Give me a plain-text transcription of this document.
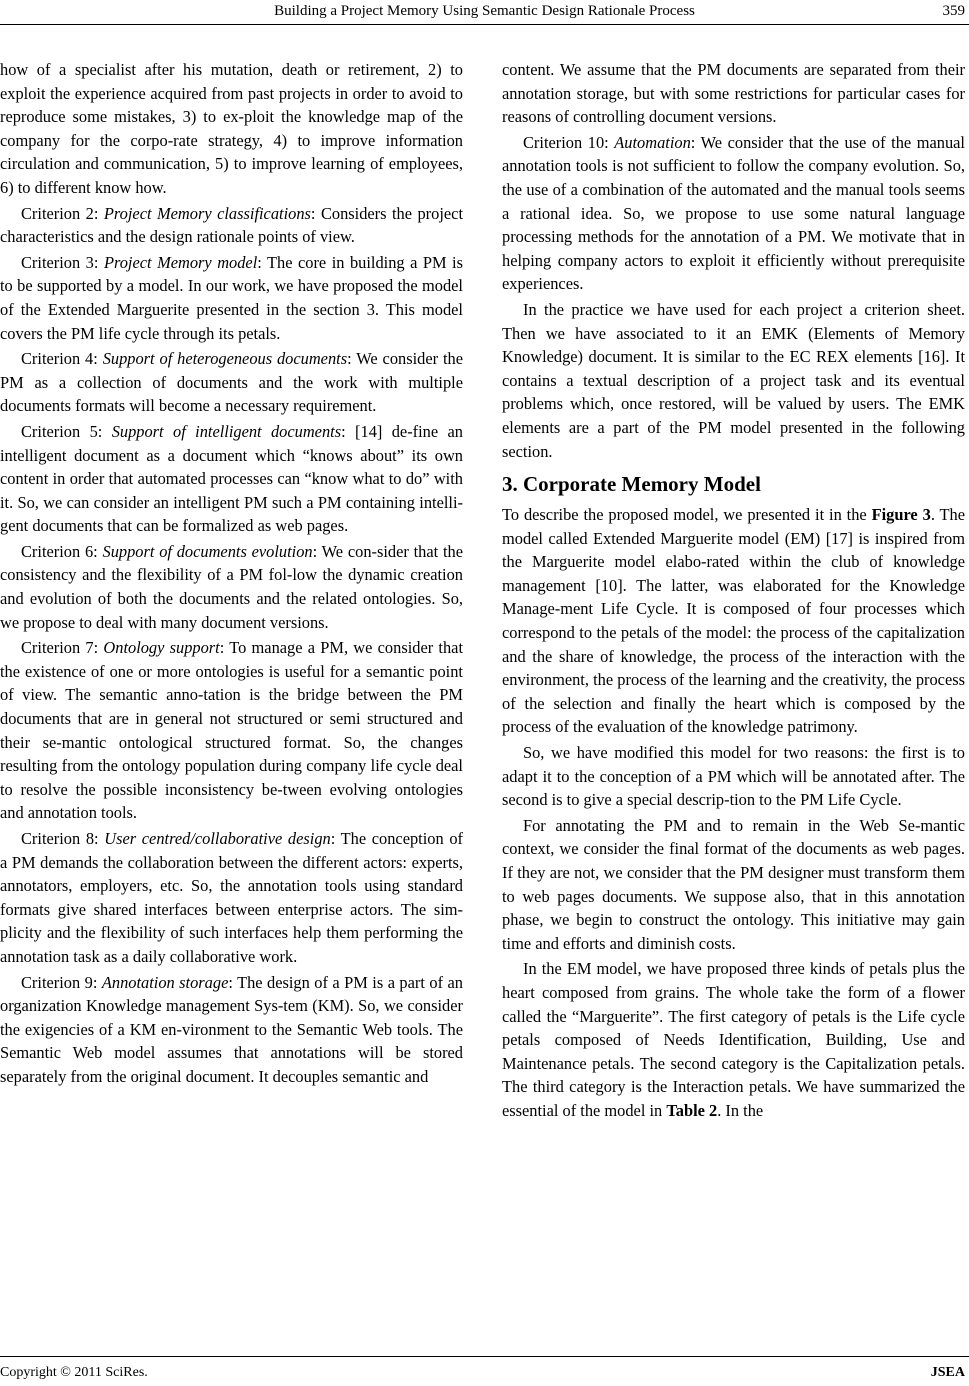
Building a Project Memory Using Semantic Design Rationale Process	359

how of a specialist after his mutation, death or retirement, 2) to exploit the experience acquired from past projects in order to avoid to reproduce some mistakes, 3) to ex-ploit the knowledge map of the company for the corpo-rate strategy, 4) to improve information circulation and communication, 5) to improve learning of employees, 6) to different know how.

Criterion 2: Project Memory classifications: Considers the project characteristics and the design rationale points of view.

Criterion 3: Project Memory model: The core in building a PM is to be supported by a model. In our work, we have proposed the model of the Extended Marguerite presented in the section 3. This model covers the PM life cycle through its petals.

Criterion 4: Support of heterogeneous documents: We consider the PM as a collection of documents and the work with multiple documents formats will become a necessary requirement.

Criterion 5: Support of intelligent documents: [14] de-fine an intelligent document as a document which “knows about” its own content in order that automated processes can “know what to do” with it. So, we can consider an intelligent PM such a PM containing intelli-gent documents that can be formalized as web pages.

Criterion 6: Support of documents evolution: We con-sider that the consistency and the flexibility of a PM fol-low the dynamic creation and evolution of both the documents and the related ontologies. So, we propose to deal with many document versions.

Criterion 7: Ontology support: To manage a PM, we consider that the existence of one or more ontologies is useful for a semantic point of view. The semantic anno-tation is the bridge between the PM documents that are in general not structured or semi structured and their se-mantic ontological structured format. So, the changes resulting from the ontology population during company life cycle deal to resolve the possible inconsistency be-tween evolving ontologies and annotation tools.

Criterion 8: User centred/collaborative design: The conception of a PM demands the collaboration between the different actors: experts, annotators, employers, etc. So, the annotation tools using standard formats give shared interfaces between enterprise actors. The sim-plicity and the flexibility of such interfaces help them performing the annotation task as a daily collaborative work.

Criterion 9: Annotation storage: The design of a PM is a part of an organization Knowledge management Sys-tem (KM). So, we consider the exigencies of a KM en-vironment to the Semantic Web tools. The Semantic Web model assumes that annotations will be stored separately from the original document. It decouples semantic and

content. We assume that the PM documents are separated from their annotation storage, but with some restrictions for particular cases for reasons of controlling document versions.

Criterion 10: Automation: We consider that the use of the manual annotation tools is not sufficient to follow the company evolution. So, the use of a combination of the automated and the manual tools seems a rational idea. So, we propose to use some natural language processing methods for the annotation of a PM. We motivate that in helping company actors to exploit it efficiently without prerequisite experiences.

In the practice we have used for each project a criterion sheet. Then we have associated to it an EMK (Elements of Memory Knowledge) document. It is similar to the EC REX elements [16]. It contains a textual description of a project task and its eventual problems which, once restored, will be valued by users. The EMK elements are a part of the PM model presented in the following section.

3. Corporate Memory Model

To describe the proposed model, we presented it in the Figure 3. The model called Extended Marguerite model (EM) [17] is inspired from the Marguerite model elabo-rated within the club of knowledge management [10]. The latter, was elaborated for the Knowledge Manage-ment Life Cycle. It is composed of four processes which correspond to the petals of the model: the process of the capitalization and the share of knowledge, the process of the interaction with the environment, the process of the learning and the creativity, the process of the selection and finally the heart which is composed by the process of the evaluation of the knowledge patrimony.

So, we have modified this model for two reasons: the first is to adapt it to the conception of a PM which will be annotated after. The second is to give a special descrip-tion to the PM Life Cycle.

For annotating the PM and to remain in the Web Se-mantic context, we consider the final format of the documents as web pages. If they are not, we consider that the PM designer must transform them to web pages documents. We suppose also, that in this annotation phase, we begin to construct the ontology. This initiative may gain time and efforts and diminish costs.

In the EM model, we have proposed three kinds of petals plus the heart composed from grains. The whole take the form of a flower called the “Marguerite”. The first category of petals is the Life cycle petals composed of Needs Identification, Building, Use and Maintenance petals. The second category is the Capitalization petals. The third category is the Interaction petals. We have summarized the essential of the model in Table 2. In the

Copyright © 2011 SciRes.	JSEA
